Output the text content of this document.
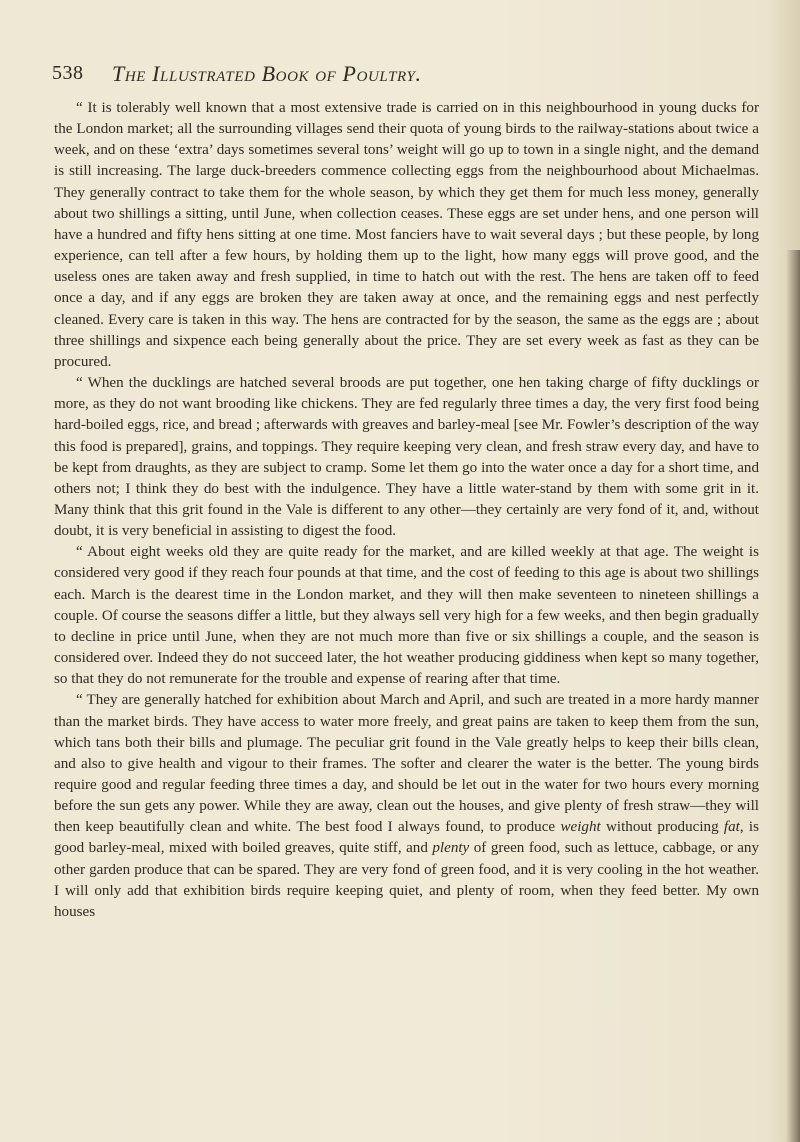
538 The Illustrated Book of Poultry.

“ It is tolerably well known that a most extensive trade is carried on in this neighbourhood in young ducks for the London market; all the surrounding villages send their quota of young birds to the railway-stations about twice a week, and on these ‘extra’ days sometimes several tons’ weight will go up to town in a single night, and the demand is still increasing. The large duck-breeders commence collecting eggs from the neighbourhood about Michaelmas. They generally contract to take them for the whole season, by which they get them for much less money, generally about two shillings a sitting, until June, when collection ceases. These eggs are set under hens, and one person will have a hundred and fifty hens sitting at one time. Most fanciers have to wait several days ; but these people, by long experience, can tell after a few hours, by holding them up to the light, how many eggs will prove good, and the useless ones are taken away and fresh supplied, in time to hatch out with the rest. The hens are taken off to feed once a day, and if any eggs are broken they are taken away at once, and the remaining eggs and nest perfectly cleaned. Every care is taken in this way. The hens are contracted for by the season, the same as the eggs are ; about three shillings and sixpence each being generally about the price. They are set every week as fast as they can be procured.

“ When the ducklings are hatched several broods are put together, one hen taking charge of fifty ducklings or more, as they do not want brooding like chickens. They are fed regularly three times a day, the very first food being hard-boiled eggs, rice, and bread ; afterwards with greaves and barley-meal [see Mr. Fowler’s description of the way this food is prepared], grains, and toppings. They require keeping very clean, and fresh straw every day, and have to be kept from draughts, as they are subject to cramp. Some let them go into the water once a day for a short time, and others not; I think they do best with the indulgence. They have a little water-stand by them with some grit in it. Many think that this grit found in the Vale is different to any other—they certainly are very fond of it, and, without doubt, it is very beneficial in assisting to digest the food.

“ About eight weeks old they are quite ready for the market, and are killed weekly at that age. The weight is considered very good if they reach four pounds at that time, and the cost of feeding to this age is about two shillings each. March is the dearest time in the London market, and they will then make seventeen to nineteen shillings a couple. Of course the seasons differ a little, but they always sell very high for a few weeks, and then begin gradually to decline in price until June, when they are not much more than five or six shillings a couple, and the season is considered over. Indeed they do not succeed later, the hot weather producing giddiness when kept so many together, so that they do not remunerate for the trouble and expense of rearing after that time.

“ They are generally hatched for exhibition about March and April, and such are treated in a more hardy manner than the market birds. They have access to water more freely, and great pains are taken to keep them from the sun, which tans both their bills and plumage. The peculiar grit found in the Vale greatly helps to keep their bills clean, and also to give health and vigour to their frames. The softer and clearer the water is the better. The young birds require good and regular feeding three times a day, and should be let out in the water for two hours every morning before the sun gets any power. While they are away, clean out the houses, and give plenty of fresh straw—they will then keep beautifully clean and white. The best food I always found, to produce weight without producing fat, is good barley-meal, mixed with boiled greaves, quite stiff, and plenty of green food, such as lettuce, cabbage, or any other garden produce that can be spared. They are very fond of green food, and it is very cooling in the hot weather. I will only add that exhibition birds require keeping quiet, and plenty of room, when they feed better. My own houses
